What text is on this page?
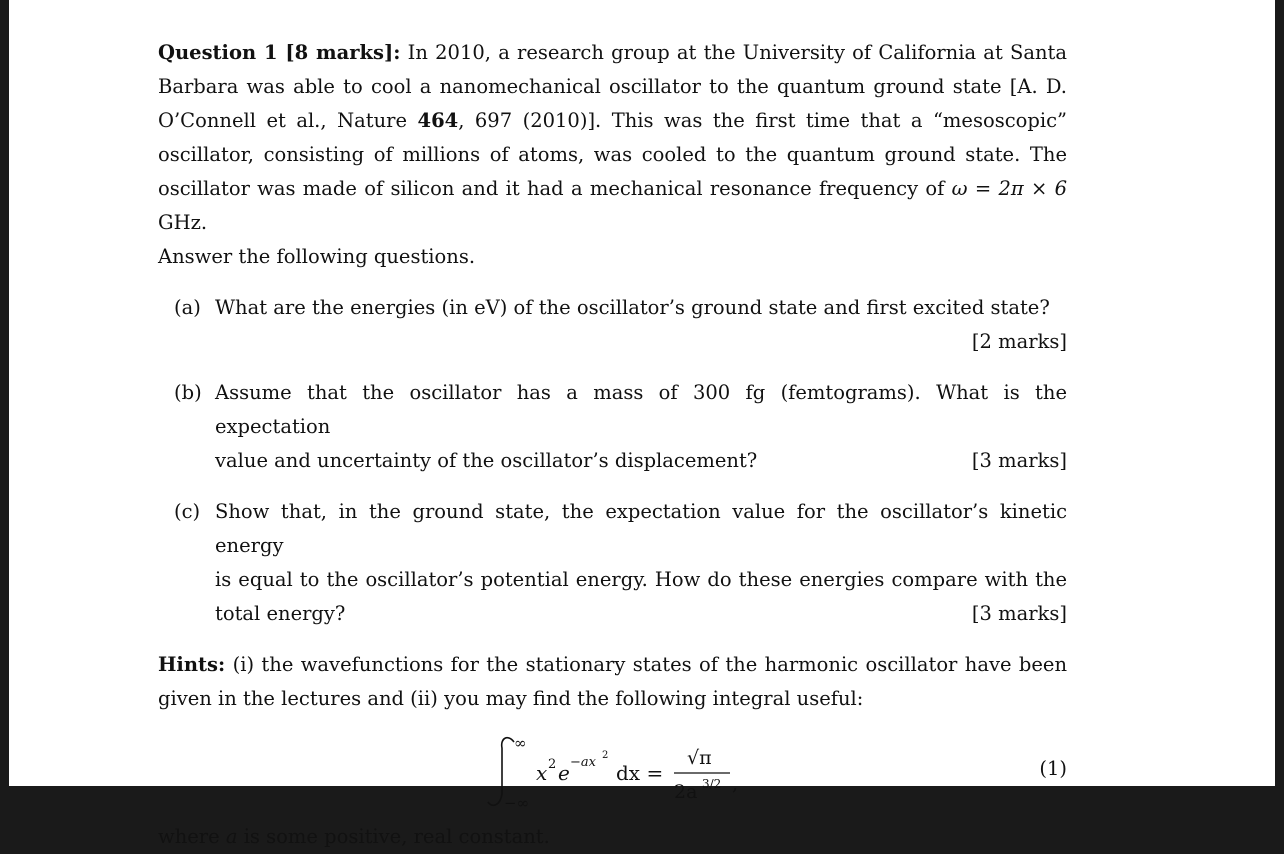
Question 1 [8 marks]: In 2010, a research group at the University of California at Santa

Barbara was able to cool a nanomechanical oscillator to the quantum ground state [A. D.

O’Connell et al., Nature 464, 697 (2010)]. This was the first time that a “mesoscopic”

oscillator, consisting of millions of atoms, was cooled to the quantum ground state. The

oscillator was made of silicon and it had a mechanical resonance frequency of ω = 2π × 6 GHz.

Answer the following questions.

(a) What are the energies (in eV) of the oscillator’s ground state and first excited state?

[2 marks]

(b) Assume that the oscillator has a mass of 300 fg (femtograms). What is the expectation

value and uncertainty of the oscillator’s displacement?	[3 marks]

(c) Show that, in the ground state, the expectation value for the oscillator’s kinetic energy

is equal to the oscillator’s potential energy. How do these energies compare with the

total energy?	[3 marks]

Hints: (i) the wavefunctions for the stationary states of the harmonic oscillator have been

given in the lectures and (ii) you may find the following integral useful:

∞
−∞
x 2 e −ax 2
dx =
√π
2a 3/2 ,
(1)

where a is some positive, real constant.
